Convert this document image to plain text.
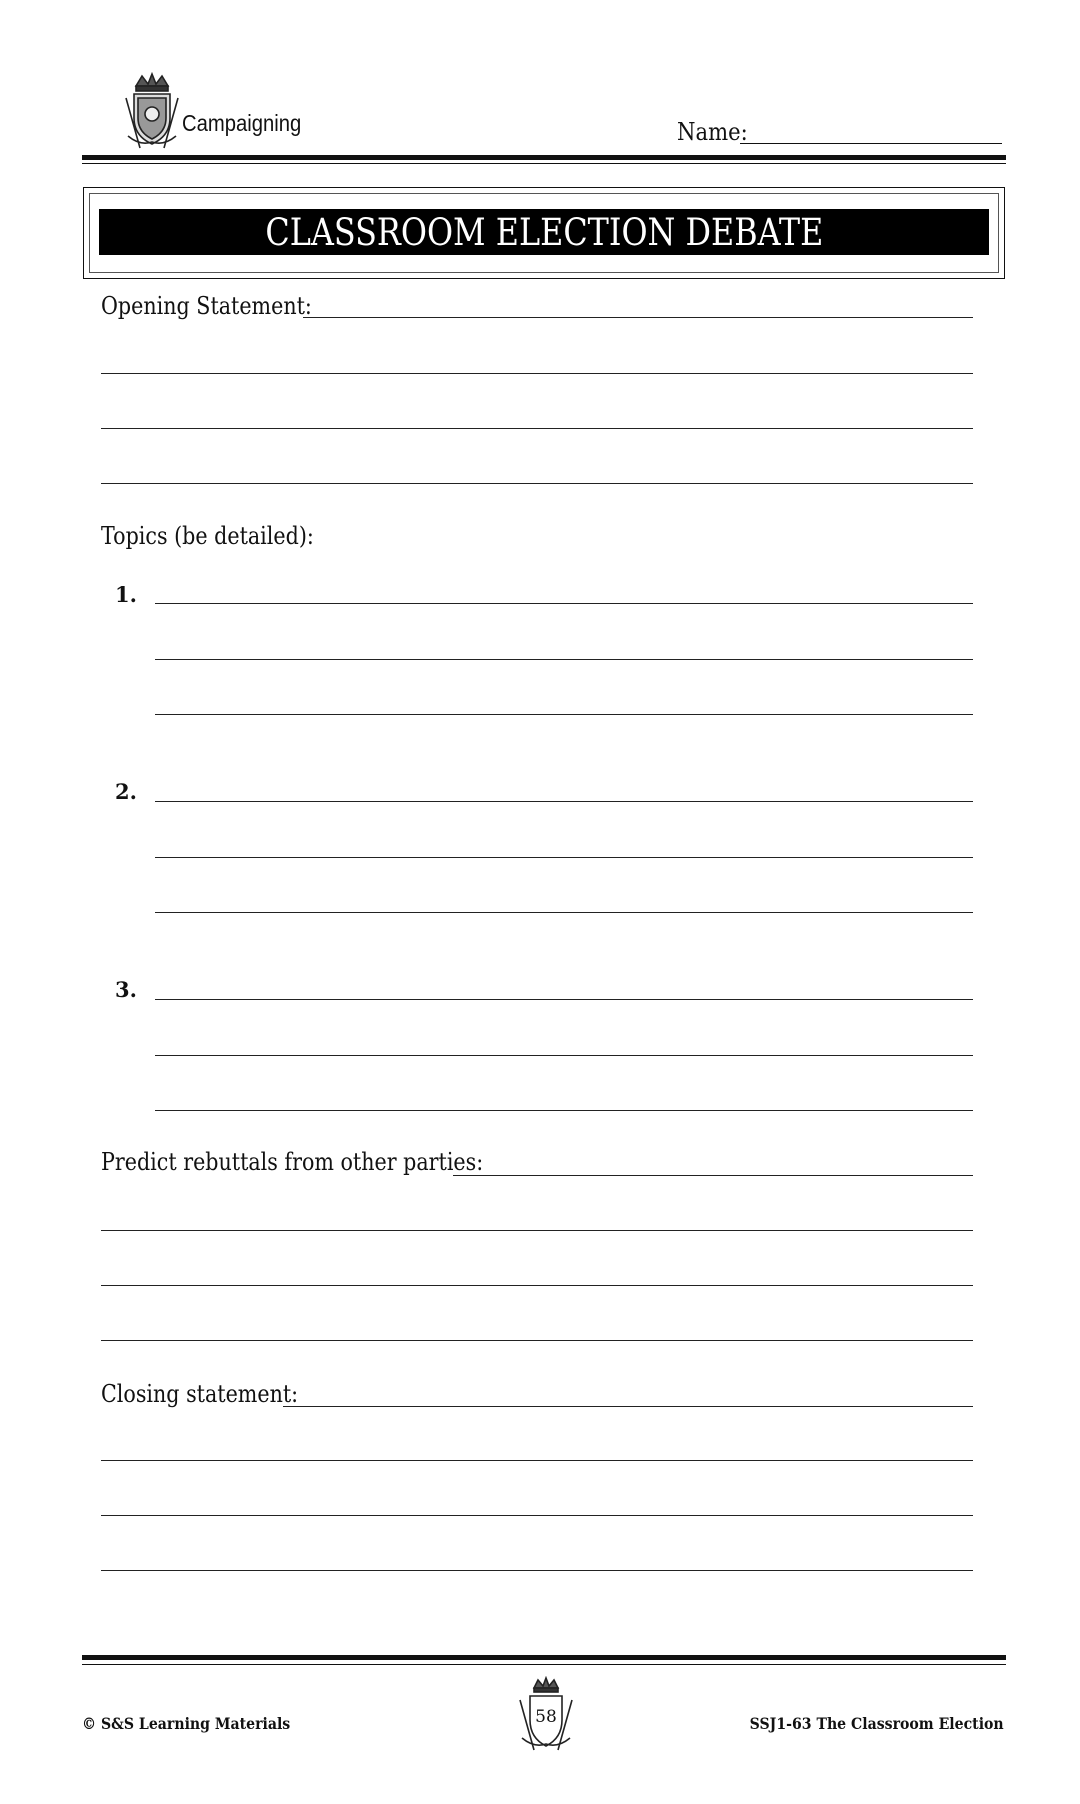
Campaigning	Name:
CLASSROOM ELECTION DEBATE
Opening Statement:
Topics (be detailed):
1.
2.
3.
Predict rebuttals from other parties:
Closing statement:
© S&S Learning Materials	58	SSJ1-63 The Classroom Election
